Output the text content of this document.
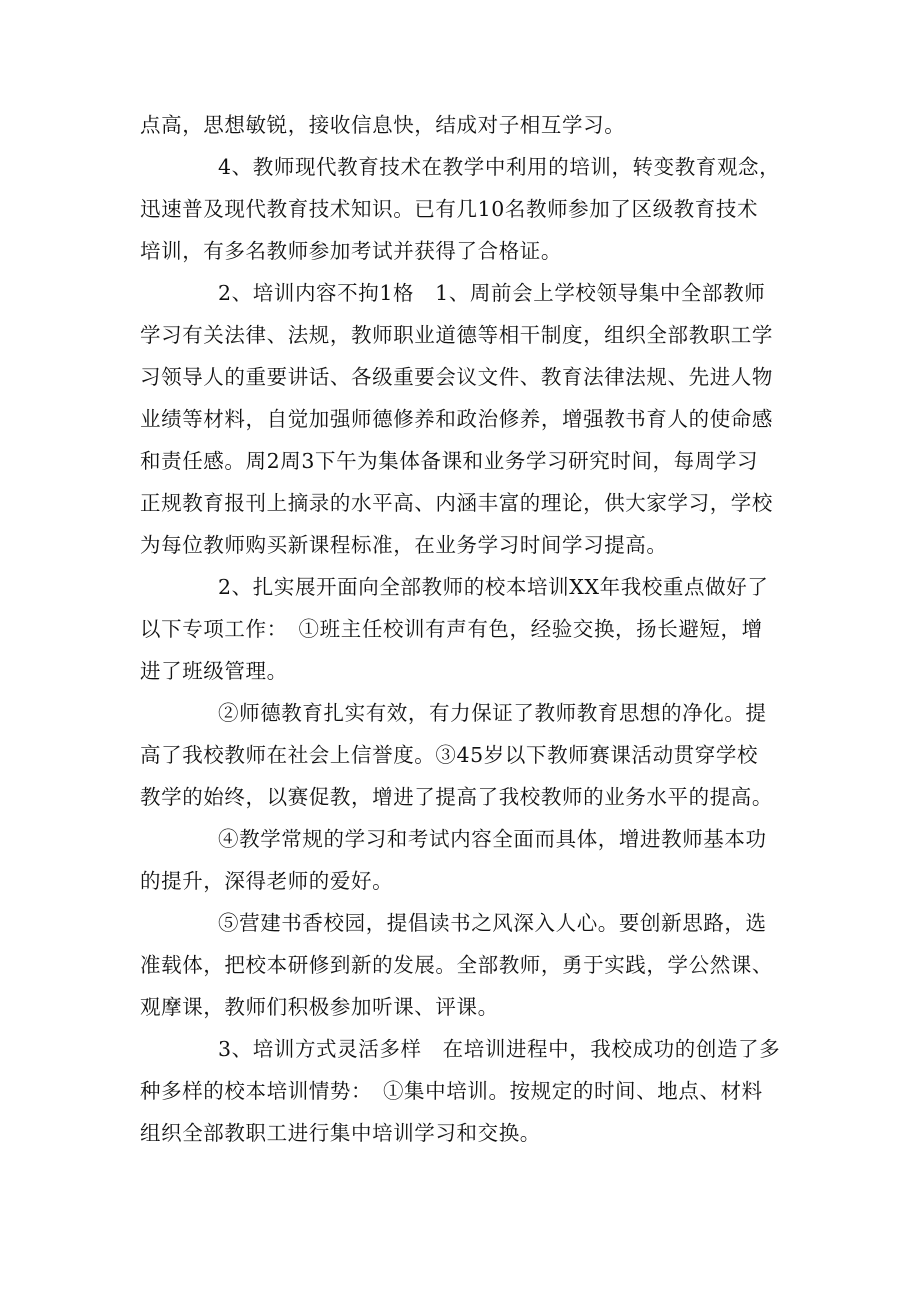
点高，思想敏锐，接收信息快，结成对子相互学习。
4、教师现代教育技术在教学中利用的培训，转变教育观念，
迅速普及现代教育技术知识。已有几10名教师参加了区级教育技术
培训，有多名教师参加考试并获得了合格证。
2、培训内容不拘1格　1、周前会上学校领导集中全部教师
学习有关法律、法规，教师职业道德等相干制度，组织全部教职工学
习领导人的重要讲话、各级重要会议文件、教育法律法规、先进人物
业绩等材料，自觉加强师德修养和政治修养，增强教书育人的使命感
和责任感。周2周3下午为集体备课和业务学习研究时间，每周学习
正规教育报刊上摘录的水平高、内涵丰富的理论，供大家学习，学校
为每位教师购买新课程标准，在业务学习时间学习提高。
2、扎实展开面向全部教师的校本培训XX年我校重点做好了
以下专项工作：　①班主任校训有声有色，经验交换，扬长避短，增
进了班级管理。
②师德教育扎实有效，有力保证了教师教育思想的净化。提
高了我校教师在社会上信誉度。③45岁以下教师赛课活动贯穿学校
教学的始终，以赛促教，增进了提高了我校教师的业务水平的提高。
④教学常规的学习和考试内容全面而具体，增进教师基本功
的提升，深得老师的爱好。
⑤营建书香校园，提倡读书之风深入人心。要创新思路，选
准载体，把校本研修到新的发展。全部教师，勇于实践，学公然课、
观摩课，教师们积极参加听课、评课。
3、培训方式灵活多样　在培训进程中，我校成功的创造了多
种多样的校本培训情势：　①集中培训。按规定的时间、地点、材料
组织全部教职工进行集中培训学习和交换。
